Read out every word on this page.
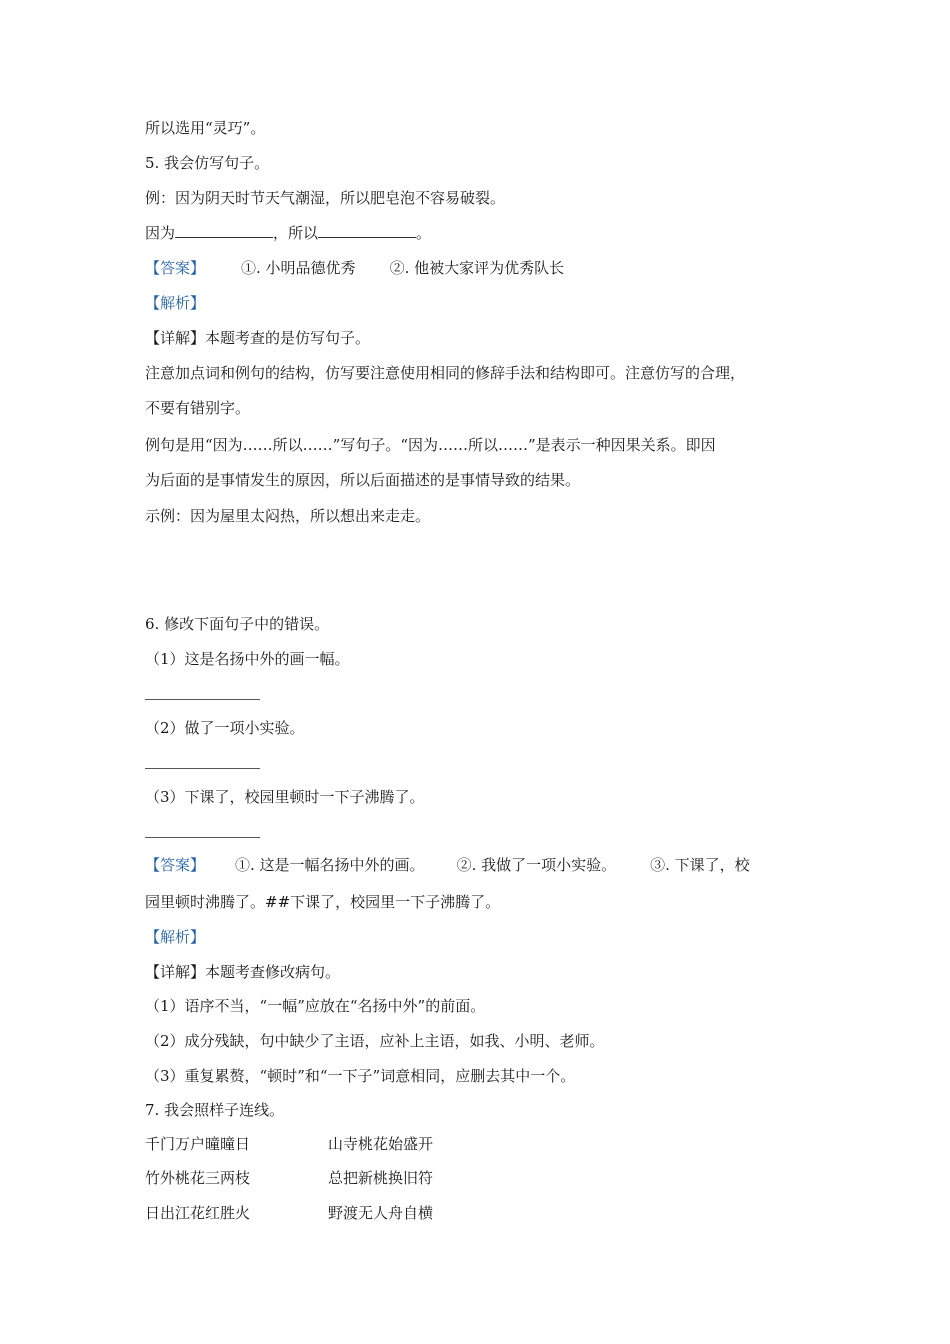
所以选用“灵巧”。
5. 我会仿写句子。
例：因为阴天时节天气潮湿，所以肥皂泡不容易破裂。
因为	，所以	。
【答案】 ①. 小明品德优秀 ②. 他被大家评为优秀队长
【解析】
【详解】本题考查的是仿写句子。
注意加点词和例句的结构，仿写要注意使用相同的修辞手法和结构即可。注意仿写的合理，
不要有错别字。
例句是用“因为……所以……”写句子。“因为……所以……”是表示一种因果关系。即因
为后面的是事情发生的原因，所以后面描述的是事情导致的结果。
示例：因为屋里太闷热，所以想出来走走。
6. 修改下面句子中的错误。
（1）这是名扬中外的画一幅。
（2）做了一项小实验。
（3）下课了，校园里顿时一下子沸腾了。
【答案】 ①. 这是一幅名扬中外的画。 ②. 我做了一项小实验。 ③. 下课了，校
园里顿时沸腾了。##下课了，校园里一下子沸腾了。
【解析】
【详解】本题考查修改病句。
（1）语序不当，“一幅”应放在“名扬中外”的前面。
（2）成分残缺，句中缺少了主语，应补上主语，如我、小明、老师。
（3）重复累赘，“顿时”和“一下子”词意相同，应删去其中一个。
7. 我会照样子连线。
千门万户曈曈日	山寺桃花始盛开
竹外桃花三两枝	总把新桃换旧符
日出江花红胜火	野渡无人舟自横
